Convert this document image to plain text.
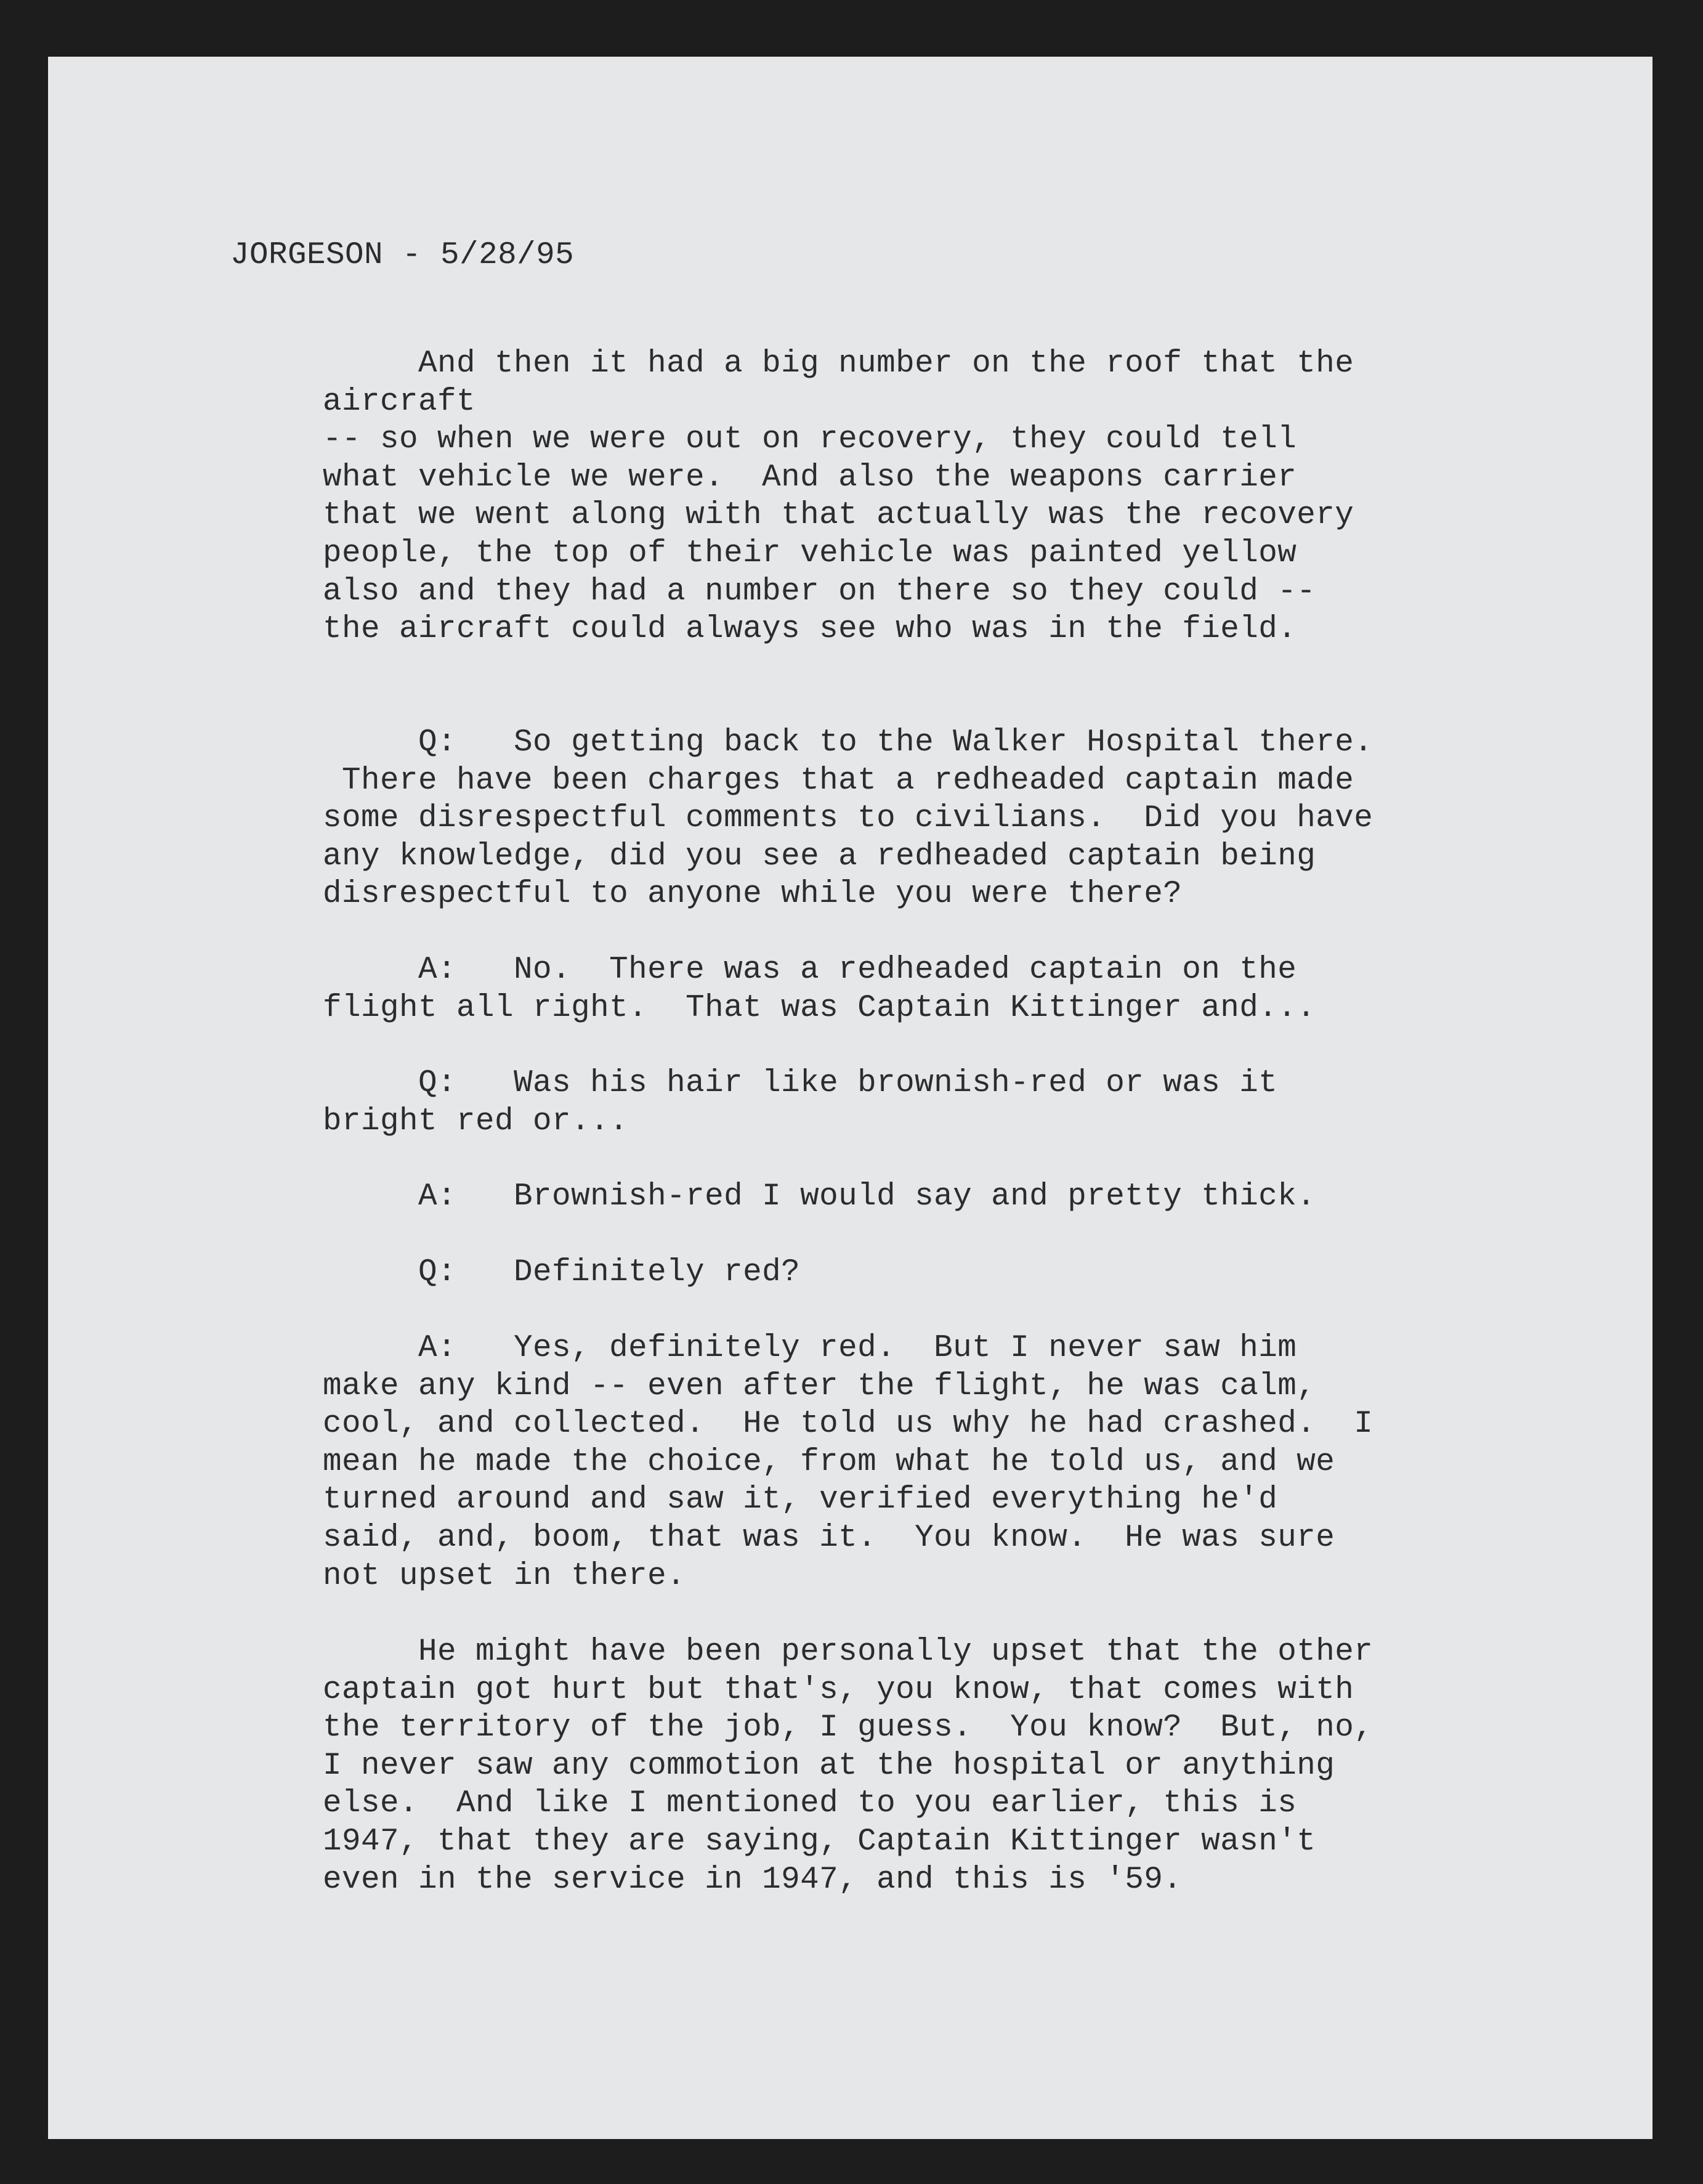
JORGESON - 5/28/95

And then it had a big number on the roof that the
aircraft
-- so when we were out on recovery, they could tell
what vehicle we were.  And also the weapons carrier
that we went along with that actually was the recovery
people, the top of their vehicle was painted yellow
also and they had a number on there so they could --
the aircraft could always see who was in the field.

Q:   So getting back to the Walker Hospital there.
There have been charges that a redheaded captain made
some disrespectful comments to civilians.  Did you have
any knowledge, did you see a redheaded captain being
disrespectful to anyone while you were there?

A:   No.  There was a redheaded captain on the
flight all right.  That was Captain Kittinger and...

Q:   Was his hair like brownish-red or was it
bright red or...

A:   Brownish-red I would say and pretty thick.

Q:   Definitely red?

A:   Yes, definitely red.  But I never saw him
make any kind -- even after the flight, he was calm,
cool, and collected.  He told us why he had crashed.  I
mean he made the choice, from what he told us, and we
turned around and saw it, verified everything he'd
said, and, boom, that was it.  You know.  He was sure
not upset in there.

He might have been personally upset that the other
captain got hurt but that's, you know, that comes with
the territory of the job, I guess.  You know?  But, no,
I never saw any commotion at the hospital or anything
else.  And like I mentioned to you earlier, this is
1947, that they are saying, Captain Kittinger wasn't
even in the service in 1947, and this is '59.
